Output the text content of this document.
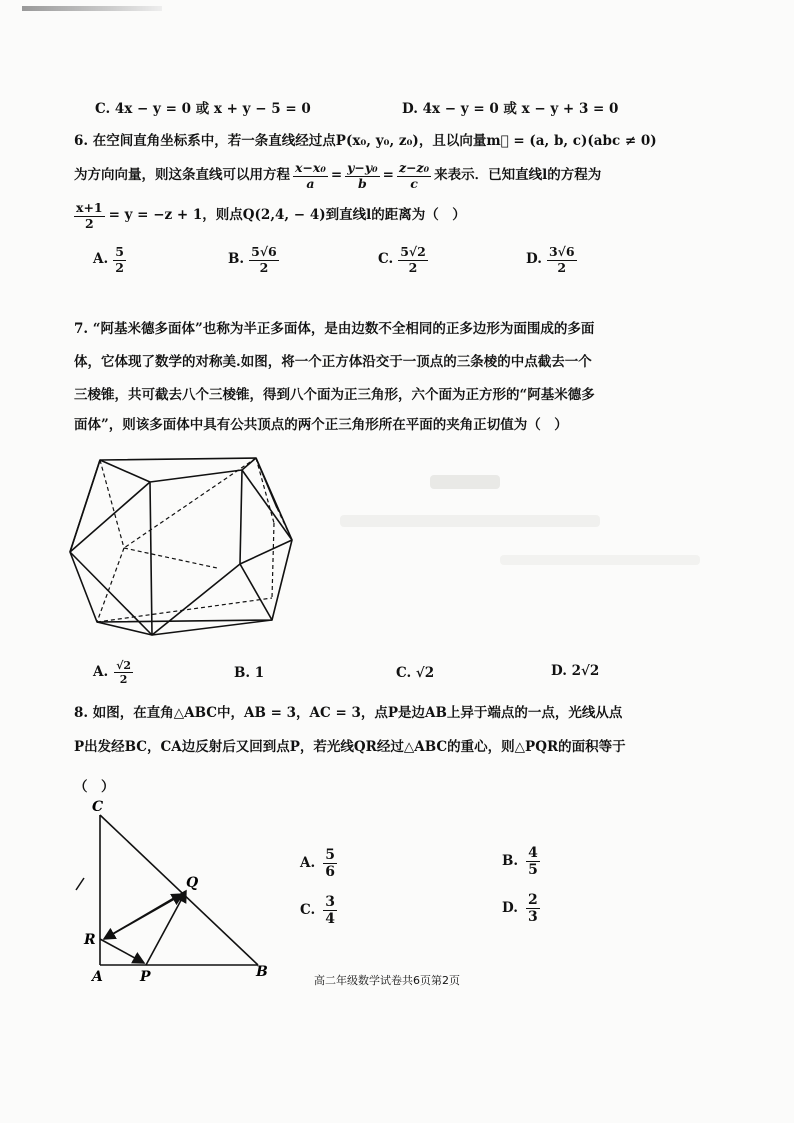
C. 4x − y = 0 或 x + y − 5 = 0	D. 4x − y = 0 或 x − y + 3 = 0
6. 在空间直角坐标系中，若一条直线经过点P(x₀, y₀, z₀)，且以向量m⃗ = (a, b, c)(abc ≠ 0)
为方向向量，则这条直线可以用方程 $\frac{\text{x−x₀}}{a} = \frac{\text{y−y₀}}{b} = \frac{\text{z−z₀}}{c}$ 来表示．已知直线l的方程为
$\frac{x+1}{2} = y = -z + 1$，则点Q(2,4, − 4)到直线l的距离为（　）
A. $\frac{5}{2}$	B. $\frac{5√6}{2}$	C. $\frac{5√2}{2}$	D. $\frac{3√6}{2}$
7. “阿基米德多面体”也称为半正多面体，是由边数不全相同的正多边形为面围成的多面
体，它体现了数学的对称美.如图，将一个正方体沿交于一顶点的三条棱的中点截去一个
三棱锥，共可截去八个三棱锥，得到八个面为正三角形，六个面为正方形的“阿基米德多
面体”，则该多面体中具有公共顶点的两个正三角形所在平面的夹角正切值为（　）
A. $\frac{√2}{2}$	B. 1	C. √2	D. 2√2
8. 如图，在直角△ABC中，AB = 3，AC = 3，点P是边AB上异于端点的一点，光线从点
P出发经BC，CA边反射后又回到点P，若光线QR经过△ABC的重心，则△PQR的面积等于
（　）
C
Q
R
A	P	B
A. $\frac{5}{6}$	B. $\frac{4}{5}$
C. $\frac{3}{4}$	D. $\frac{2}{3}$
高二年级数学试卷共6页第2页
